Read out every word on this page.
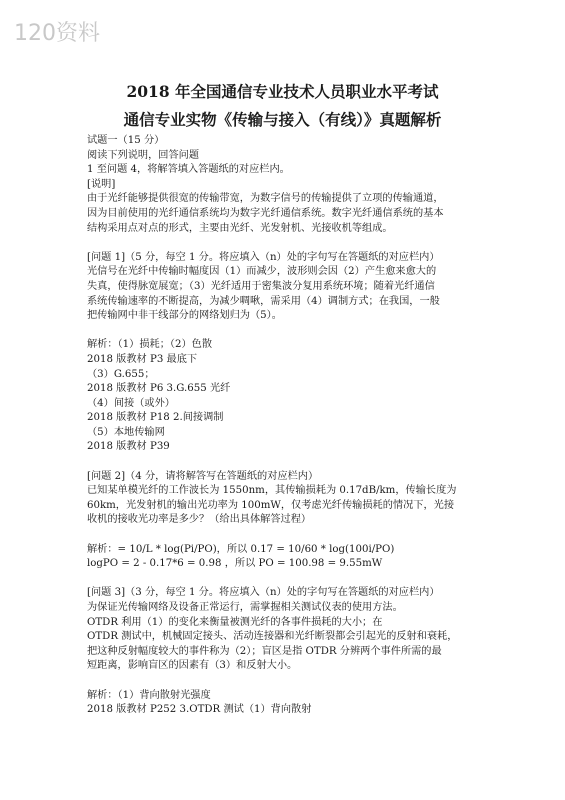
120资料
2018 年全国通信专业技术人员职业水平考试
通信专业实物《传输与接入（有线）》真题解析

试题一（15 分）

阅读下列说明，回答问题

1 至问题 4，将解答填入答题纸的对应栏内。

[说明]

由于光纤能够提供很宽的传输带宽，为数字信号的传输提供了立项的传输通道，

因为目前使用的光纤通信系统均为数字光纤通信系统。数字光纤通信系统的基本

结构采用点对点的形式，主要由光纤、光发射机、光接收机等组成。

[问题 1]（5 分，每空 1 分。将应填入（n）处的字句写在答题纸的对应栏内）

光信号在光纤中传输时幅度因（1）而减少，波形则会因（2）产生愈来愈大的

失真，使得脉宽展宽；（3）光纤适用于密集波分复用系统环境；随着光纤通信

系统传输速率的不断提高，为减少啁啾，需采用（4）调制方式；在我国，一般

把传输网中非干线部分的网络划归为（5）。

解析：（1）损耗；（2）色散

2018 版教材 P3 最底下

（3）G.655；

2018 版教材 P6 3.G.655 光纤

（4）间接（或外）

2018 版教材 P18 2.间接调制

（5）本地传输网

2018 版教材 P39

[问题 2]（4 分，请将解答写在答题纸的对应栏内）

已知某单模光纤的工作波长为 1550nm，其传输损耗为 0.17dB/km，传输长度为

60km，光发射机的输出光功率为 100mW，仅考虑光纤传输损耗的情况下，光接

收机的接收光功率是多少？（给出具体解答过程）

解析：= 10/L * log(Pi/PO)，所以 0.17 = 10/60 * log(100i/PO)

logPO = 2 - 0.17*6 = 0.98 ，所以 PO = 100.98 = 9.55mW

[问题 3]（3 分，每空 1 分。将应填入（n）处的字句写在答题纸的对应栏内）

为保证光传输网络及设备正常运行，需掌握相关测试仪表的使用方法。

OTDR 利用（1）的变化来衡量被测光纤的各事件损耗的大小；在

OTDR 测试中，机械固定接头、活动连接器和光纤断裂都会引起光的反射和衰耗，

把这种反射幅度较大的事件称为（2）；盲区是指 OTDR 分辨两个事件所需的最

短距离，影响盲区的因素有（3）和反射大小。

解析：（1）背向散射光强度

2018 版教材 P252 3.OTDR 测试（1）背向散射
